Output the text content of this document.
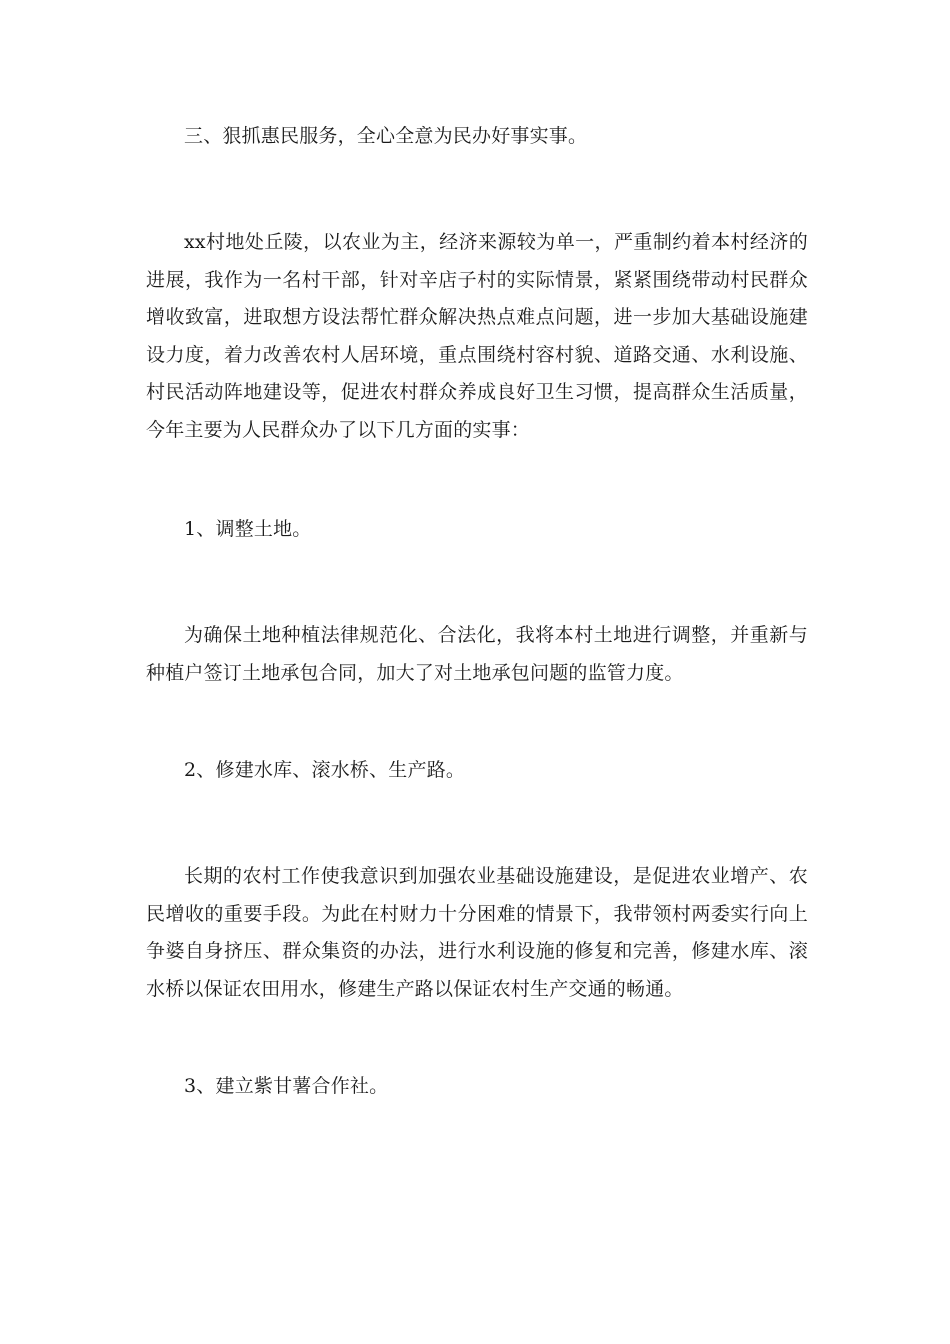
三、狠抓惠民服务，全心全意为民办好事实事。

xx村地处丘陵，以农业为主，经济来源较为单一，严重制约着本村经济的进展，我作为一名村干部，针对辛店子村的实际情景，紧紧围绕带动村民群众增收致富，进取想方设法帮忙群众解决热点难点问题，进一步加大基础设施建设力度，着力改善农村人居环境，重点围绕村容村貌、道路交通、水利设施、村民活动阵地建设等，促进农村群众养成良好卫生习惯，提高群众生活质量，今年主要为人民群众办了以下几方面的实事：

1、调整土地。

为确保土地种植法律规范化、合法化，我将本村土地进行调整，并重新与种植户签订土地承包合同，加大了对土地承包问题的监管力度。

2、修建水库、滚水桥、生产路。

长期的农村工作使我意识到加强农业基础设施建设，是促进农业增产、农民增收的重要手段。为此在村财力十分困难的情景下，我带领村两委实行向上争婆自身挤压、群众集资的办法，进行水利设施的修复和完善，修建水库、滚水桥以保证农田用水，修建生产路以保证农村生产交通的畅通。

3、建立紫甘薯合作社。
